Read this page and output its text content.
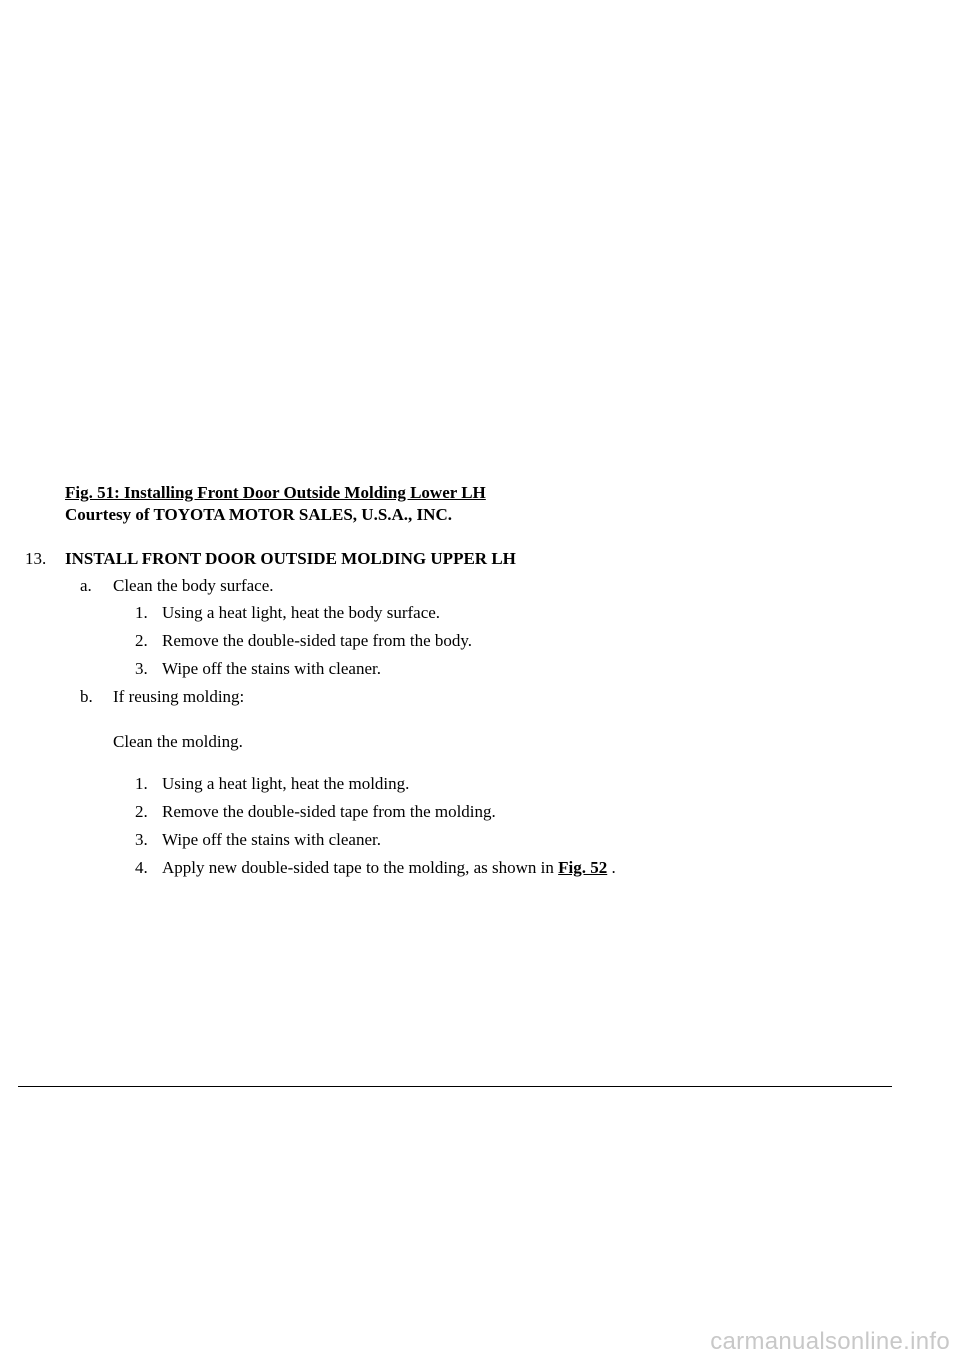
Fig. 51: Installing Front Door Outside Molding Lower LH
Courtesy of TOYOTA MOTOR SALES, U.S.A., INC.
13.	INSTALL FRONT DOOR OUTSIDE MOLDING UPPER LH
a. Clean the body surface.
1. Using a heat light, heat the body surface.
2. Remove the double-sided tape from the body.
3. Wipe off the stains with cleaner.
b. If reusing molding:
Clean the molding.
1. Using a heat light, heat the molding.
2. Remove the double-sided tape from the molding.
3. Wipe off the stains with cleaner.
4. Apply new double-sided tape to the molding, as shown in Fig. 52 .
carmanualsonline.info
